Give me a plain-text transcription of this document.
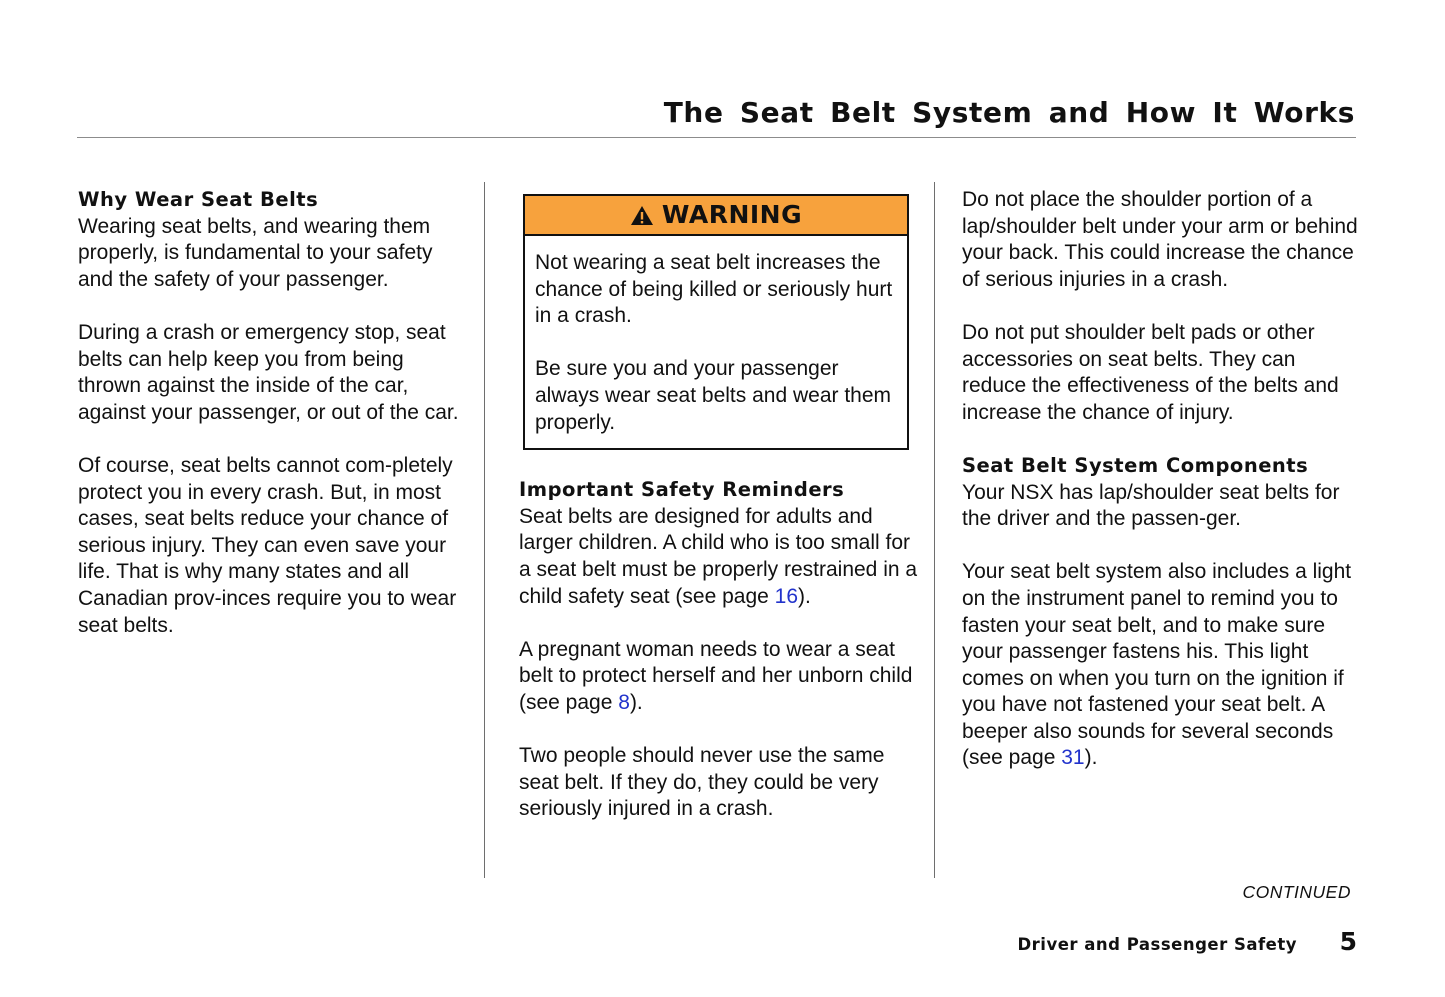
The Seat Belt System and How It Works
Why Wear Seat Belts

Wearing seat belts, and wearing them properly, is fundamental to your safety and the safety of your passenger.

During a crash or emergency stop, seat belts can help keep you from being thrown against the inside of the car, against your passenger, or out of the car.

Of course, seat belts cannot com-pletely protect you in every crash. But, in most cases, seat belts reduce your chance of serious injury. They can even save your life. That is why many states and all Canadian prov-inces require you to wear seat belts.

WARNING

Not wearing a seat belt increases the chance of being killed or seriously hurt in a crash.

Be sure you and your passenger always wear seat belts and wear them properly.

Important Safety Reminders

Seat belts are designed for adults and larger children. A child who is too small for a seat belt must be properly restrained in a child safety seat (see page 16).

A pregnant woman needs to wear a seat belt to protect herself and her unborn child (see page 8).

Two people should never use the same seat belt. If they do, they could be very seriously injured in a crash.

Do not place the shoulder portion of a lap/shoulder belt under your arm or behind your back. This could increase the chance of serious injuries in a crash.

Do not put shoulder belt pads or other accessories on seat belts. They can reduce the effectiveness of the belts and increase the chance of injury.

Seat Belt System Components

Your NSX has lap/shoulder seat belts for the driver and the passen-ger.

Your seat belt system also includes a light on the instrument panel to remind you to fasten your seat belt, and to make sure your passenger fastens his. This light comes on when you turn on the ignition if you have not fastened your seat belt. A beeper also sounds for several seconds (see page 31).

CONTINUED
Driver and Passenger Safety 5
